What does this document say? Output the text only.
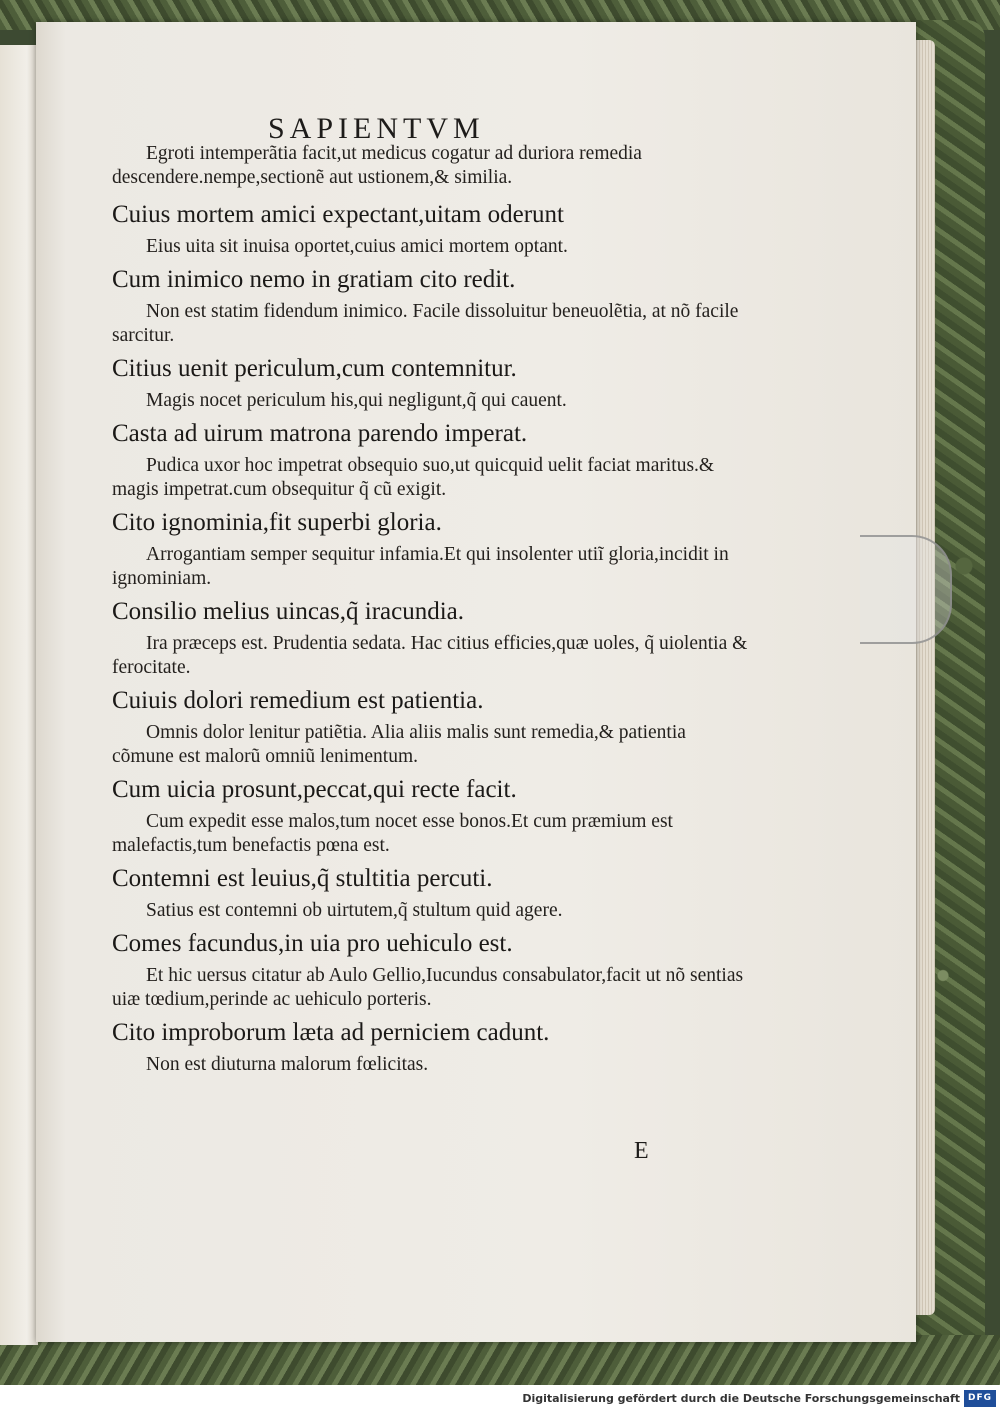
SAPIENTVM

Egroti intemperãtia facit,ut medicus cogatur ad duriora remedia descendere.nempe,sectionẽ aut ustionem,& similia.

Cuius mortem amici expectant,uitam oderunt

Eius uita sit inuisa oportet,cuius amici mortem optant.

Cum inimico nemo in gratiam cito redit.

Non est statim fidendum inimico. Facile dissoluitur beneuolẽtia, at nõ facile sarcitur.

Citius uenit periculum,cum contemnitur.

Magis nocet periculum his,qui negligunt,q̃ qui cauent.

Casta ad uirum matrona parendo imperat.

Pudica uxor hoc impetrat obsequio suo,ut quicquid uelit faciat maritus.& magis impetrat.cum obsequitur q̃ cũ exigit.

Cito ignominia,fit superbi gloria.

Arrogantiam semper sequitur infamia.Et qui insolenter utiĩ gloria,incidit in ignominiam.

Consilio melius uincas,q̃ iracundia.

Ira præceps est. Prudentia sedata. Hac citius efficies,quæ uoles, q̃ uiolentia & ferocitate.

Cuiuis dolori remedium est patientia.

Omnis dolor lenitur patiẽtia. Alia aliis malis sunt remedia,& patientia cõmune est malorũ omniũ lenimentum.

Cum uicia prosunt,peccat,qui recte facit.

Cum expedit esse malos,tum nocet esse bonos.Et cum præmium est malefactis,tum benefactis pœna est.

Contemni est leuius,q̃ stultitia percuti.

Satius est contemni ob uirtutem,q̃ stultum quid agere.

Comes facundus,in uia pro uehiculo est.

Et hic uersus citatur ab Aulo Gellio,Iucundus consabulator,facit ut nõ sentias uiæ tœdium,perinde ac uehiculo porteris.

Cito improborum læta ad perniciem cadunt.

Non est diuturna malorum fœlicitas.

E

Digitalisierung gefördert durch die Deutsche Forschungsgemeinschaft DFG
